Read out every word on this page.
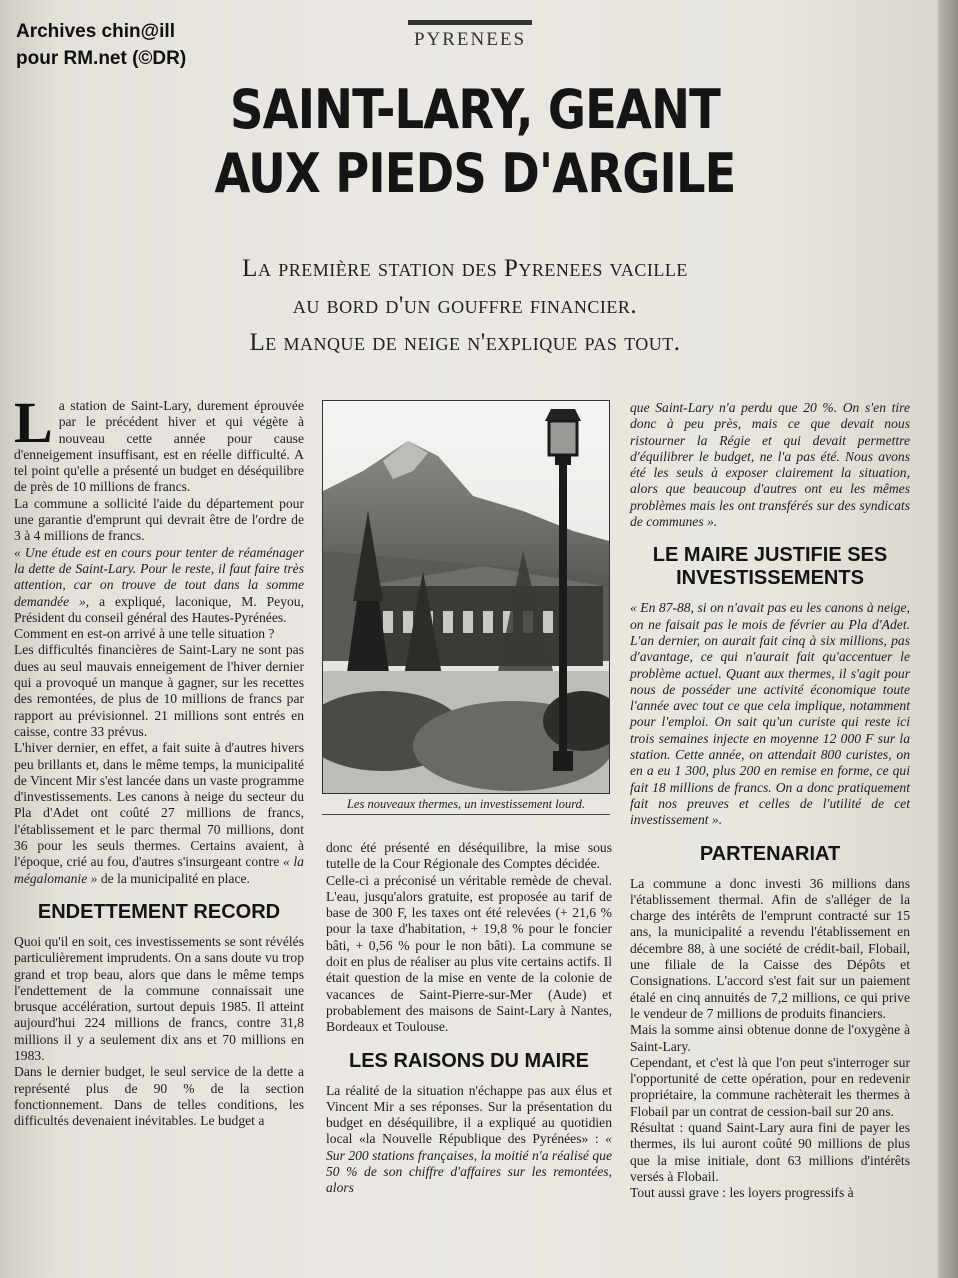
Archives chin@ill
pour RM.net (©DR)
PYRENEES
SAINT-LARY, GEANT
AUX PIEDS D'ARGILE
La première station des Pyrenees vacille
au bord d'un gouffre financier.
Le manque de neige n'explique pas tout.

La station de Saint-Lary, durement éprouvée par le précédent hiver et qui végète à nouveau cette année pour cause d'enneigement insuffisant, est en réelle difficulté. A tel point qu'elle a présenté un budget en déséquilibre de près de 10 millions de francs.

La commune a sollicité l'aide du département pour une garantie d'emprunt qui devrait être de l'ordre de 3 à 4 millions de francs.

« Une étude est en cours pour tenter de réaménager la dette de Saint-Lary. Pour le reste, il faut faire très attention, car on trouve de tout dans la somme demandée », a expliqué, laconique, M. Peyou, Président du conseil général des Hautes-Pyrénées.

Comment en est-on arrivé à une telle situation ?

Les difficultés financières de Saint-Lary ne sont pas dues au seul mauvais enneigement de l'hiver dernier qui a provoqué un manque à gagner, sur les recettes des remontées, de plus de 10 millions de francs par rapport au prévisionnel. 21 millions sont entrés en caisse, contre 33 prévus.

L'hiver dernier, en effet, a fait suite à d'autres hivers peu brillants et, dans le même temps, la municipalité de Vincent Mir s'est lancée dans un vaste programme d'investissements. Les canons à neige du secteur du Pla d'Adet ont coûté 27 millions de francs, l'établissement et le parc thermal 70 millions, dont 36 pour les seuls thermes. Certains avaient, à l'époque, crié au fou, d'autres s'insurgeant contre « la mégalomanie » de la municipalité en place.

ENDETTEMENT RECORD

Quoi qu'il en soit, ces investissements se sont révélés particulièrement imprudents. On a sans doute vu trop grand et trop beau, alors que dans le même temps l'endettement de la commune connaissait une brusque accélération, surtout depuis 1985. Il atteint aujourd'hui 224 millions de francs, contre 31,8 millions il y a seulement dix ans et 70 millions en 1983.

Dans le dernier budget, le seul service de la dette a représenté plus de 90 % de la section fonctionnement. Dans de telles conditions, les difficultés devenaient inévitables. Le budget a

Les nouveaux thermes, un investissement lourd.

donc été présenté en déséquilibre, la mise sous tutelle de la Cour Régionale des Comptes décidée.

Celle-ci a préconisé un véritable remède de cheval. L'eau, jusqu'alors gratuite, est proposée au tarif de base de 300 F, les taxes ont été relevées (+ 21,6 % pour la taxe d'habitation, + 19,8 % pour le foncier bâti, + 0,56 % pour le non bâti). La commune se doit en plus de réaliser au plus vite certains actifs. Il était question de la mise en vente de la colonie de vacances de Saint-Pierre-sur-Mer (Aude) et probablement des maisons de Saint-Lary à Nantes, Bordeaux et Toulouse.

LES RAISONS DU MAIRE

La réalité de la situation n'échappe pas aux élus et Vincent Mir a ses réponses. Sur la présentation du budget en déséquilibre, il a expliqué au quotidien local «la Nouvelle République des Pyrénées» : « Sur 200 stations françaises, la moitié n'a réalisé que 50 % de son chiffre d'affaires sur les remontées, alors

que Saint-Lary n'a perdu que 20 %. On s'en tire donc à peu près, mais ce que devait nous ristourner la Régie et qui devait permettre d'équilibrer le budget, ne l'a pas été. Nous avons été les seuls à exposer clairement la situation, alors que beaucoup d'autres ont eu les mêmes problèmes mais les ont transférés sur des syndicats de communes ».

LE MAIRE JUSTIFIE SES INVESTISSEMENTS

« En 87-88, si on n'avait pas eu les canons à neige, on ne faisait pas le mois de février au Pla d'Adet. L'an dernier, on aurait fait cinq à six millions, pas d'avantage, ce qui n'aurait fait qu'accentuer le problème actuel. Quant aux thermes, il s'agit pour nous de posséder une activité économique toute l'année avec tout ce que cela implique, notamment pour l'emploi. On sait qu'un curiste qui reste ici trois semaines injecte en moyenne 12 000 F sur la station. Cette année, on attendait 800 curistes, on en a eu 1 300, plus 200 en remise en forme, ce qui fait 18 millions de francs. On a donc pratiquement fait nos preuves et celles de l'utilité de cet investissement ».

PARTENARIAT

La commune a donc investi 36 millions dans l'établissement thermal. Afin de s'alléger de la charge des intérêts de l'emprunt contracté sur 15 ans, la municipalité a revendu l'établissement en décembre 88, à une société de crédit-bail, Flobail, une filiale de la Caisse des Dépôts et Consignations. L'accord s'est fait sur un paiement étalé en cinq annuités de 7,2 millions, ce qui prive le vendeur de 7 millions de produits financiers.

Mais la somme ainsi obtenue donne de l'oxygène à Saint-Lary.

Cependant, et c'est là que l'on peut s'interroger sur l'opportunité de cette opération, pour en redevenir propriétaire, la commune rachèterait les thermes à Flobail par un contrat de cession-bail sur 20 ans.

Résultat : quand Saint-Lary aura fini de payer les thermes, ils lui auront coûté 90 millions de plus que la mise initiale, dont 63 millions d'intérêts versés à Flobail.

Tout aussi grave : les loyers progressifs à
